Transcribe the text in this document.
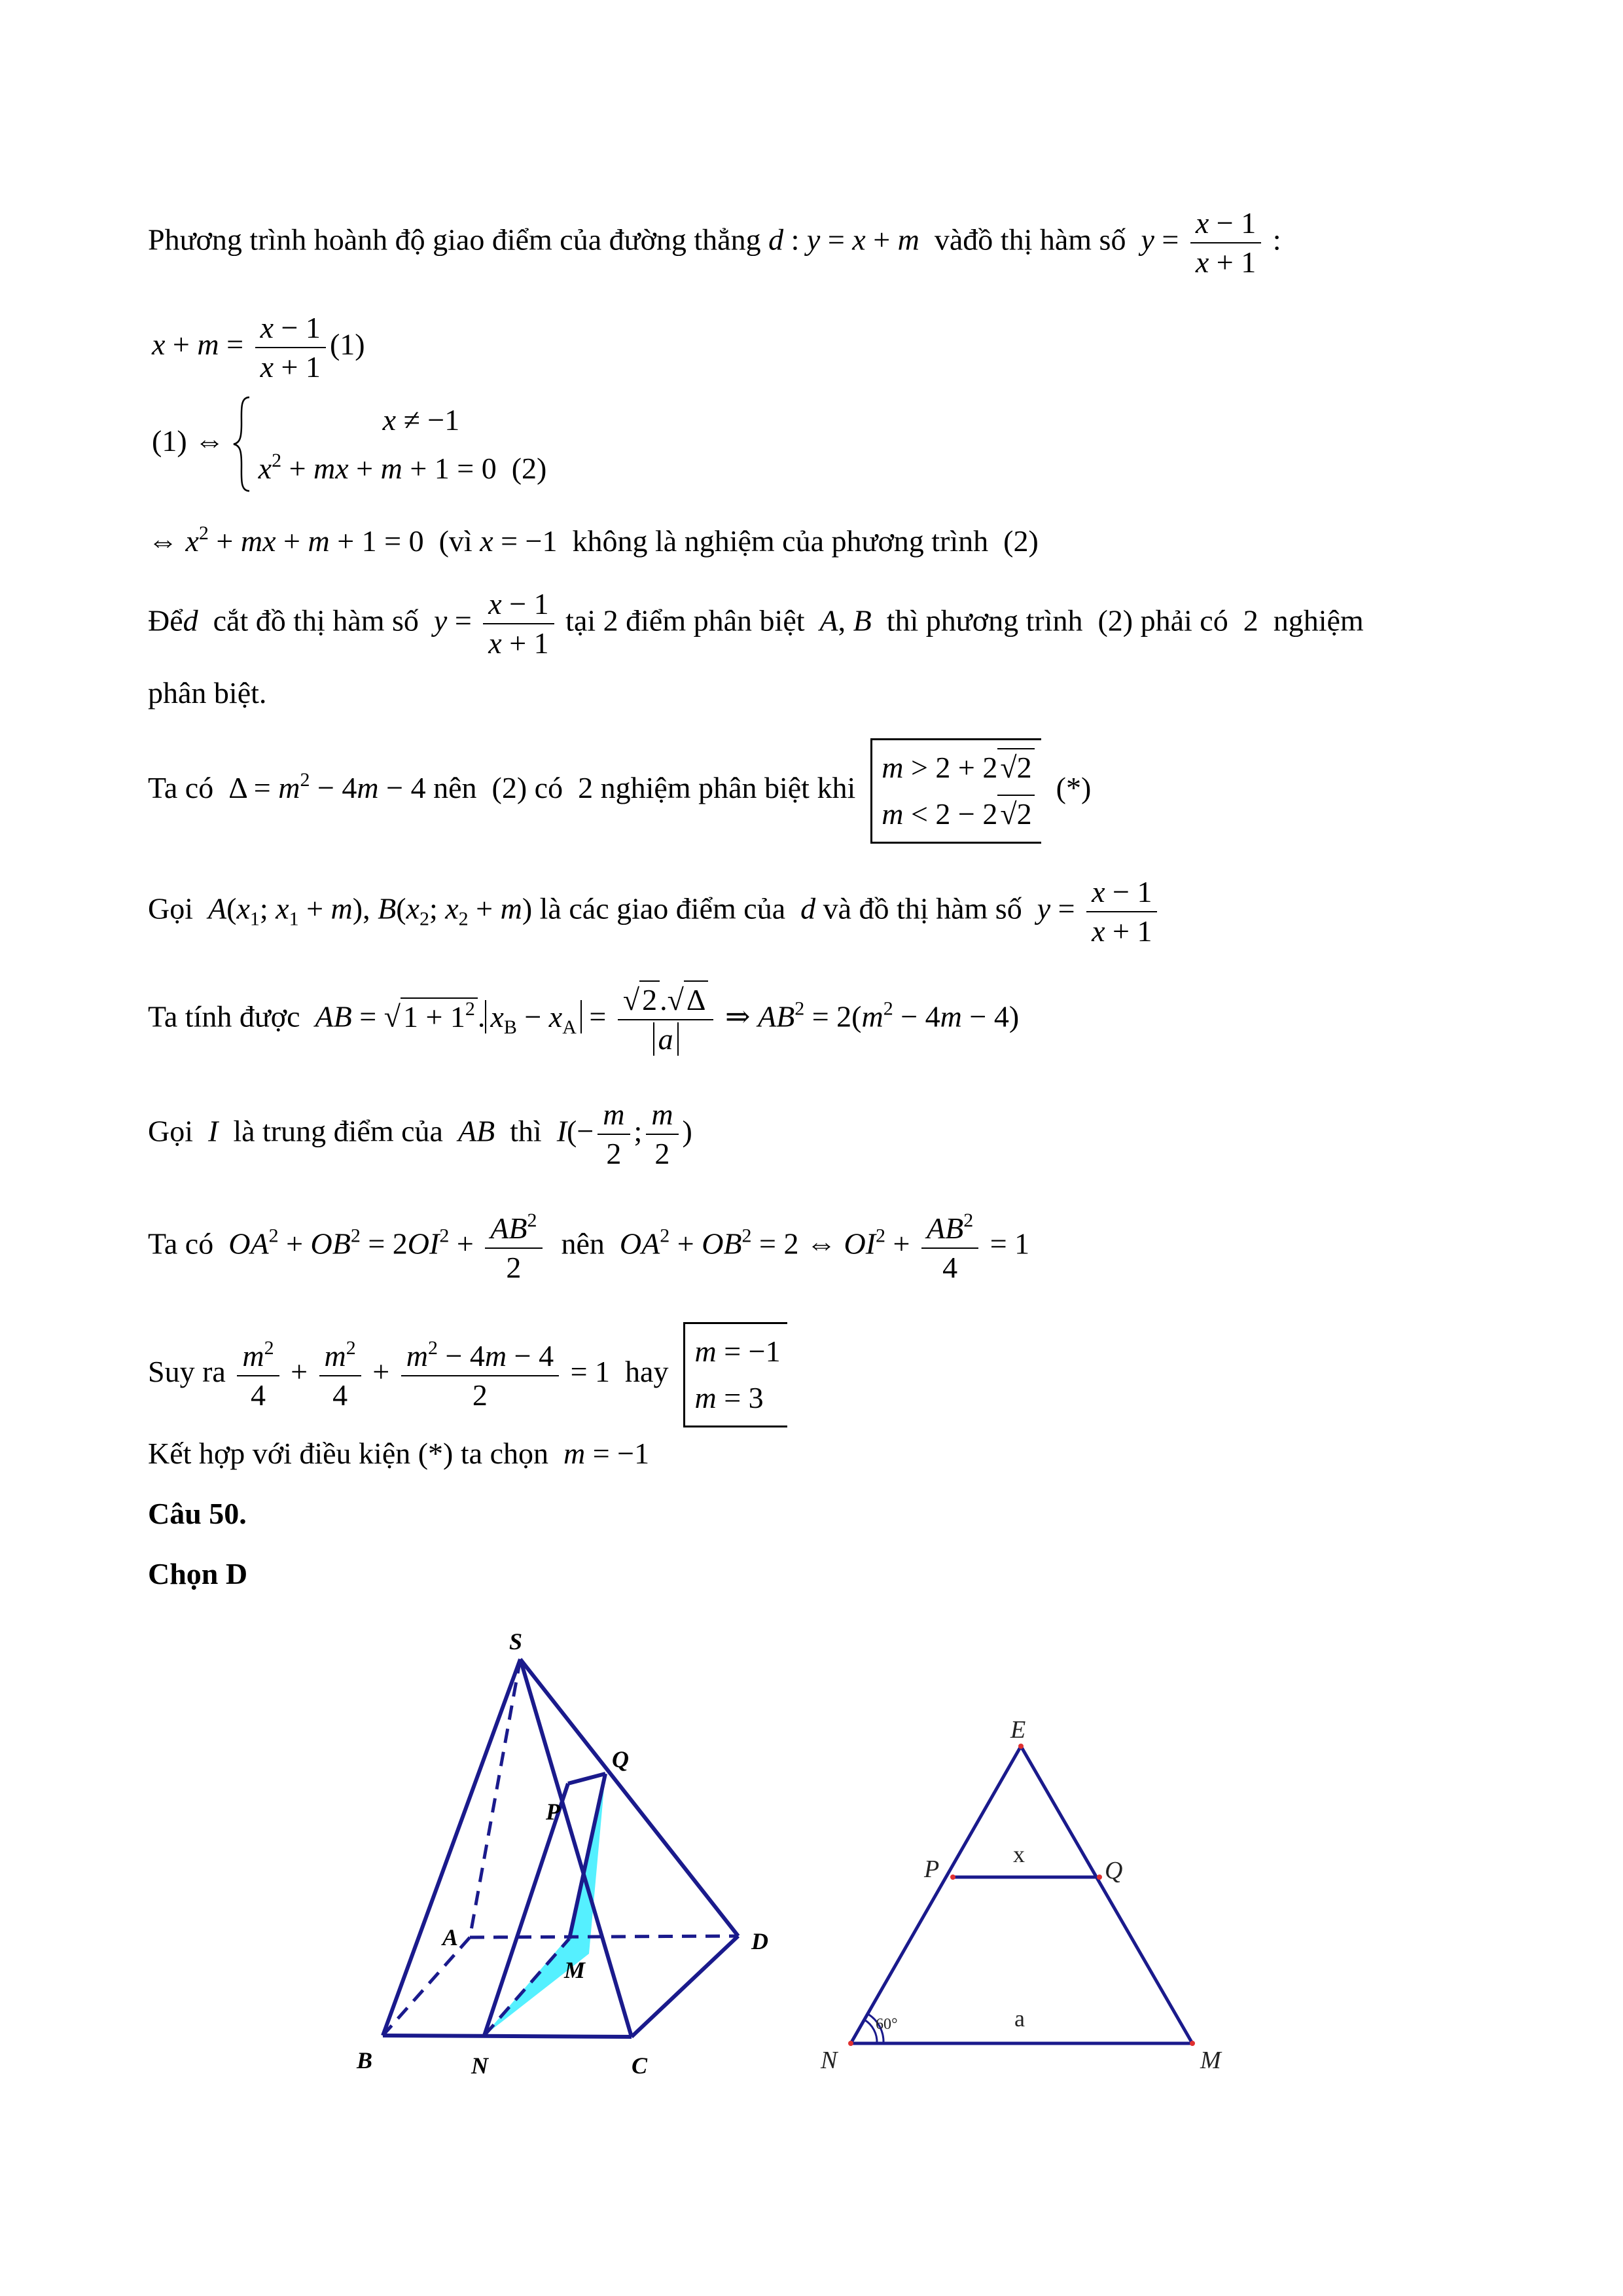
Phương trình hoành độ giao điểm của đường thẳng d : y = x + m vàđồ thị hàm số $y = \frac{x - 1}{x + 1}$ :
$x + m = \frac{x - 1}{x + 1} (1)$
(1) ⇔
x ≠ −1
$x^2$ + mx + m + 1 = 0  (2)
⇔ $x^2$ + mx + m + 1 = 0  (vì x = −1  không là nghiệm của phương trình  (2)
Đểd cắt đồ thị hàm số $y = \frac{x - 1}{x + 1}$ tại 2 điểm phân biệt A, B thì phương trình  (2) phải có  2  nghiệm
phân biệt.
Ta có  $\Delta = m^2 - 4m - 4$ nên  (2) có  2 nghiệm phân biệt khi
m > 2 + 2√2
m < 2 − 2√2
(*)
Gọi $A(x_1$; $x_1 + m$), $B(x_2$; $x_2 + m$) là các giao điểm của d và đồ thị hàm số $y = \frac{x - 1}{x + 1}$
Ta tính được AB = $√1 + 1^2$. $x_B - x_A = \frac{√2.√\Delta}{a}$ ⇒ $AB^2 = 2(m^2 - 4m - 4)$
Gọi I là trung điểm của AB thì $I(- \frac{m}{2}$ ; $\frac{m}{2}$ )
Ta có $OA^2 + OB^2 = 2OI^2 + \frac{AB^2}{2}$ nên $OA^2 + OB^2 = 2$ ⇔ $OI^2 + \frac{AB^2}{4} = 1$
Suy ra $\frac{m^2}{4} + \frac{m^2}{4} + \frac{m^2 - 4m - 4}{2} = 1$  hay
m = −1
m = 3
Kết hợp với điều kiện (*) ta chọn m = −1
Câu 50.
Chọn D
S
Q
P
A
M
D
B	N	C
E
P	Q
N	M
x
a
60°
